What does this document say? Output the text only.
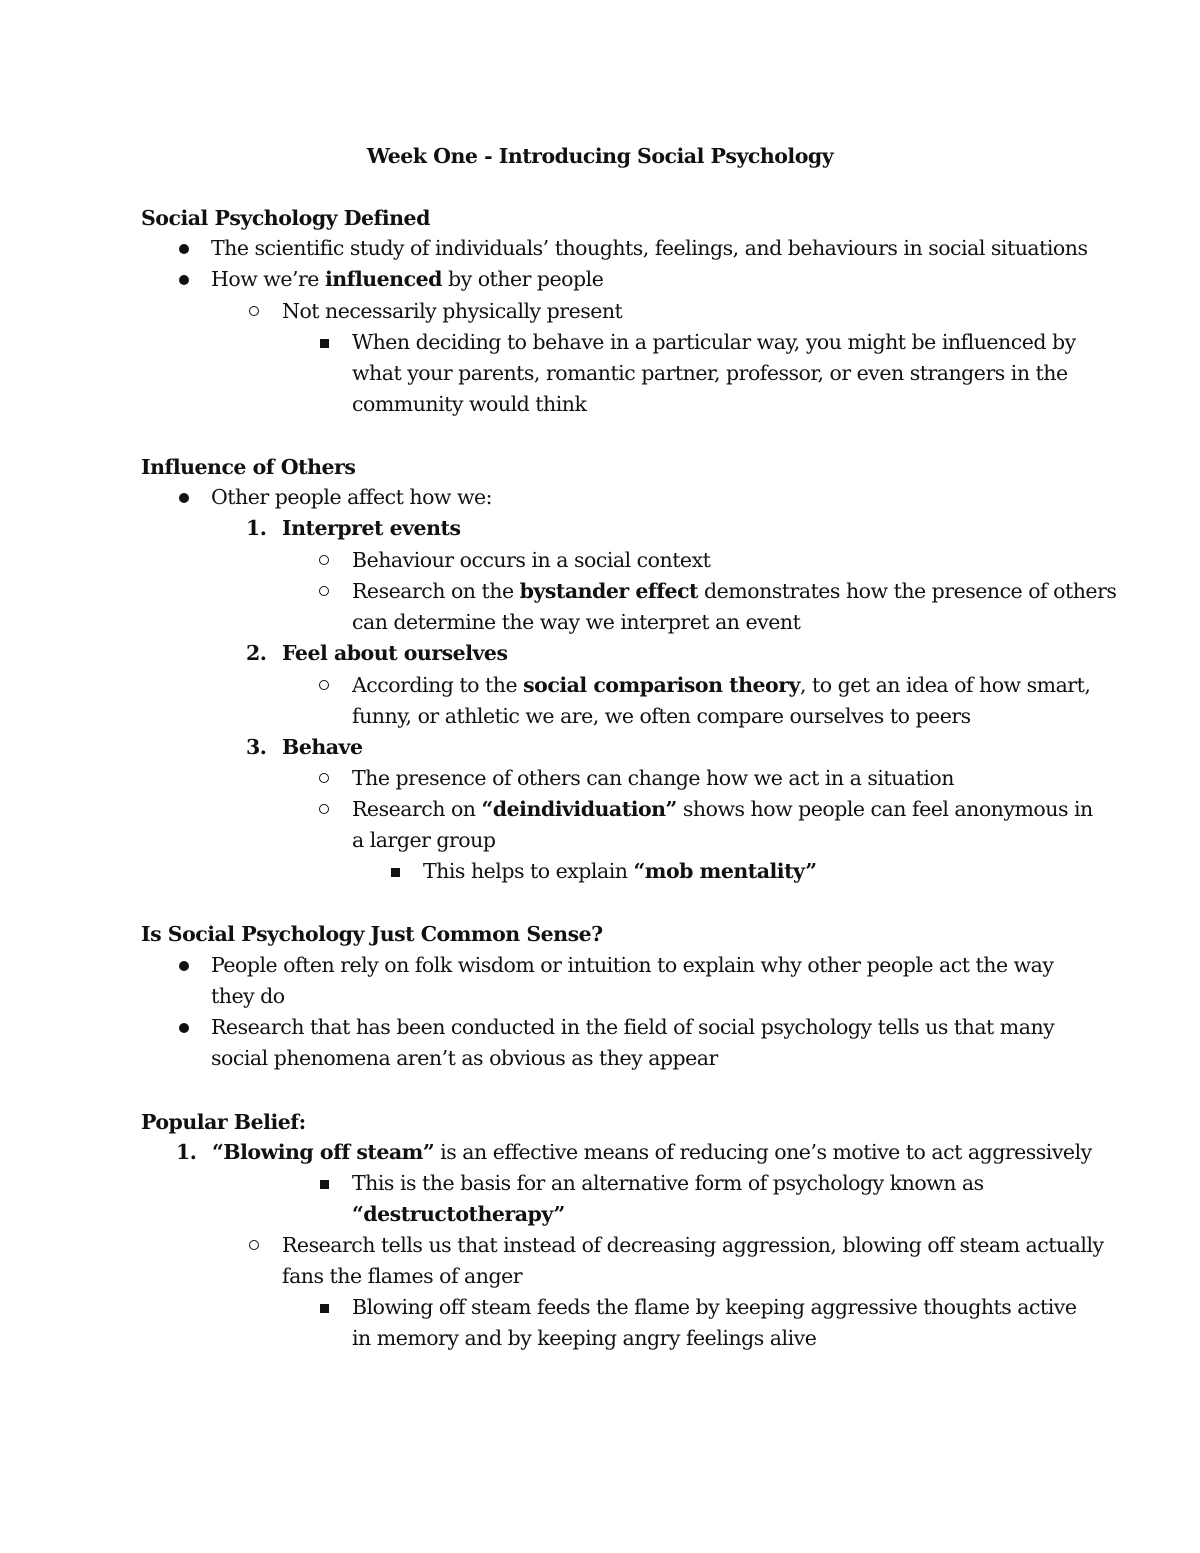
Week One - Introducing Social Psychology
Social Psychology Defined
The scientific study of individuals’ thoughts, feelings, and behaviours in social situations
How we’re influenced by other people
Not necessarily physically present
When deciding to behave in a particular way, you might be influenced by
what your parents, romantic partner, professor, or even strangers in the
community would think
Influence of Others
Other people affect how we:
1. Interpret events
Behaviour occurs in a social context
Research on the bystander effect demonstrates how the presence of others
can determine the way we interpret an event
2. Feel about ourselves
According to the social comparison theory, to get an idea of how smart,
funny, or athletic we are, we often compare ourselves to peers
3. Behave
The presence of others can change how we act in a situation
Research on “deindividuation” shows how people can feel anonymous in
a larger group
This helps to explain “mob mentality”
Is Social Psychology Just Common Sense?
People often rely on folk wisdom or intuition to explain why other people act the way
they do
Research that has been conducted in the field of social psychology tells us that many
social phenomena aren’t as obvious as they appear
Popular Belief:
1. “Blowing off steam” is an effective means of reducing one’s motive to act aggressively
This is the basis for an alternative form of psychology known as
“destructotherapy”
Research tells us that instead of decreasing aggression, blowing off steam actually
fans the flames of anger
Blowing off steam feeds the flame by keeping aggressive thoughts active
in memory and by keeping angry feelings alive
